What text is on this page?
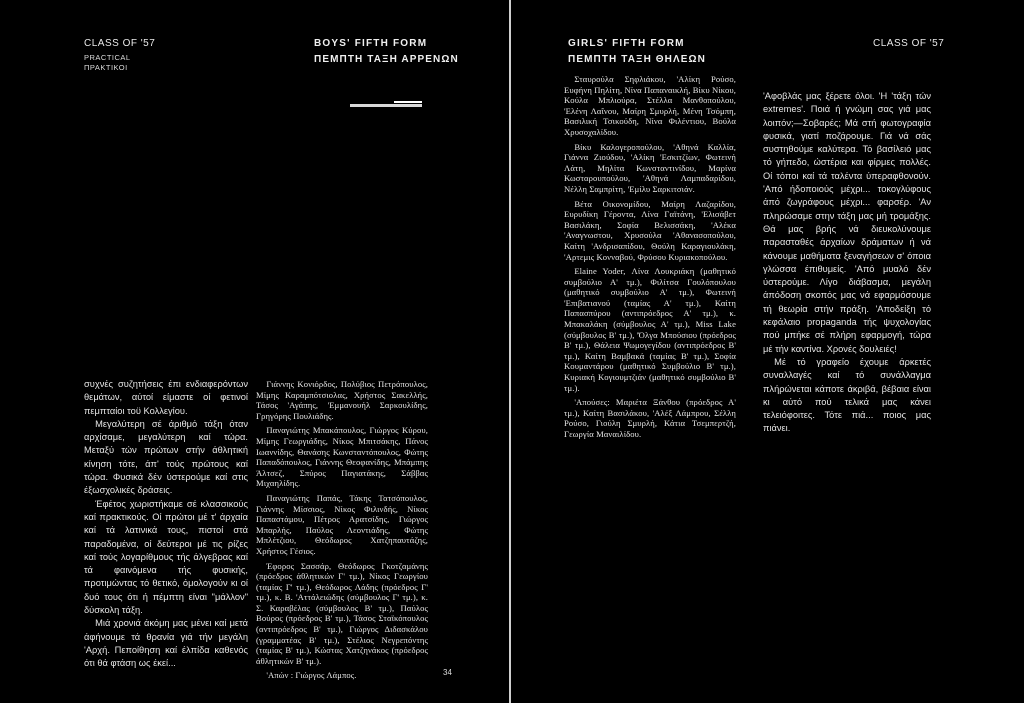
CLASS OF '57
PRACTICAL
ΠΡΑΚΤΙΚΟΙ
BOYS' FIFTH FORM
ΠΕΜΠΤΗ ΤΑΞΗ ΑΡΡΕΝΩΝ

συχνές συζητήσεις έπι ενδιαφερόντων θεμάτων, αύτοί είμαστε οί φετινοί πεμπταίοι τοϋ Κολλεγίου.

Μεγαλύτερη σέ άριθμό τάξη όταν αρχίσαμε, μεγαλύτερη καί τώρα. Μεταξύ τών πρώτων στήν άθλητική κίνηση τότε, άπ' τούς πρώτους καί τώρα. Φυσικά δέν ύστερούμε καί στις έξωσχολικές δράσεις.

Έφέτος χωριστήκαμε σέ κλασσικούς καί πρακτικούς. Οί πρώτοι μέ τ' άρχαία καί τά λατινικά τους, πιστοί στά παραδομένα, οί δεύτεροι μέ τις ρίζες καί τούς λογαρίθμους τής άλγεβρας καί τά φαινόμενα τής φυσικής, προτιμώντας τό θετικό, όμολογούν κι οί δυό τους ότι ή πέμπτη είναι "μάλλον" δύσκολη τάξη.

Μιά χρονιά άκόμη μας μένει καί μετά άφήνουμε τά θρανία γιά τήν μεγάλη 'Αρχή. Πεποίθηση καί έλπίδα καθενός ότι θά φτάση ως έκεί...

Γιάννης Κονιόρδος, Πολύβιος Πετρόπουλος, Μίμης Καραμπότσιολας, Χρήστος Σακελλής, Τάσος 'Αγάπης, 'Εμμανουήλ Σαρκουλίδης, Γρηγόρης Πουλιάδης.

Παναγιώτης Μπακάπουλος, Γιώργος Κύρου, Μίμης Γεωργιάδης, Νίκος Μπιτσάκης, Πάνος Ιωαννίδης, Θανάσης Κωνσταντόπουλος, Φώτης Παπαδόπουλος, Γιάννης Θεοφανίδης, Μπάμπης Άλτσεζ, Σπύρος Παγιατάκης, Σάββας Μιχαηλίδης.

Παναγιώτης Παπάς, Τάκης Τατσόπουλος, Γιάννης Μίσσιος, Νίκος Φιλινδής, Νίκος Παπαστάμου, Πέτρος Αρατσίδης, Γιώργος Μπαρλής, Παύλος Λεοντιάδης, Φώτης Μπλέτζιου, Θεόδωρος Χατζηπαυτάζης, Χρήστος Γέσιος.

Έφορος Σασσάρ, Θεόδωρος Γκοτζαμάνης (πρόεδρος άθλητικών Γ' τμ.), Νίκος Γεωργίου (ταμίας Γ' τμ.), Θεόδωρος Λάδης (πρόεδρος Γ' τμ.), κ. Β. 'Αττάλειώδης (σύμβουλος Γ' τμ.), κ. Σ. Καραβέλας (σύμβουλος Β' τμ.), Παύλος Βούρος (πρόεδρος Β' τμ.), Τάσος Σταϊκόπουλος (αντιπρόεδρος Β' τμ.), Γιώργος Διδασκάλου (γραμματέας Β' τμ.), Στέλιος Νεγρεπόντης (ταμίας Β' τμ.), Κώστας Χατζηνάκος (πρόεδρος άθλητικών Β' τμ.).

'Απών : Γιώργος Λάμπος.	34
GIRLS' FIFTH FORM
ΠΕΜΠΤΗ ΤΑΞΗ ΘΗΛΕΩΝ
CLASS OF '57

Σταυρούλα Σηφλιάκου, 'Αλίκη Ρούσο, Ευφήνη Πηλίτη, Νίνα Παπαναικλή, Βίκυ Νίκου, Κούλα Μπλιούρα, Στέλλα Μανθοπούλου, 'Ελένη Λαΐνου, Μαίρη Σμυρλή, Μένη Τσόμπη, Βασιλική Τσικούδη, Νίνα Φιλέντιου, Βούλα Χρυσοχαλίδου.

Βίκυ Καλογεροπούλου, 'Αθηνά Καλλία, Γιάννα Ζιούδου, 'Αλίκη 'Εσκιτζίων, Φωτεινή Λάτη, Μηλίτα Κωνσταντινίδου, Μαρίνα Κωσταρουπούλου, 'Αθηνά Λαμπαδαρίδου, Νέλλη Σαμπρίτη, 'Εμίλυ Σαρκιτσιάν.

Βέτα Οικονομίδου, Μαίρη Λαζαρίδου, Ευρυδίκη Γέροντα, Λίνα Γαϊτάνη, 'Ελισάβετ Βασιλάκη, Σοφία Βελισσάκη, 'Αλέκα 'Αναγνωστου, Χρυσούλα 'Αθανασοπούλου, Καίτη 'Ανδρισαπίδου, Θούλη Καραγιουλάκη, 'Αρτεμις Κονναβού, Φρύσου Κυριακοπούλου.

Elaine Yoder, Λίνα Λουκριάκη (μαθητικό συμβούλιο Α' τμ.), Φιλίτσα Γουλόπουλου (μαθητικό συμβούλιο Α' τμ.), Φωτεινή 'Επιβατιανού (ταμίας Α' τμ.), Καίτη Παπασπύρου (αντιπρόεδρος Α' τμ.), κ. Μπακαλάκη (σύμβουλος Α' τμ.), Miss Lake (σύμβουλος Β' τμ.), 'Όλγα Μπούσιου (πρόεδρος Β' τμ.), Θάλεια Ψωμογεγίδου (αντιπρόεδρος Β' τμ.), Καίτη Βαμβακά (ταμίας Β' τμ.), Σοφία Κουμαντάρου (μαθητικό Συμβούλιο Β' τμ.), Κυριακή Κογιουμτζιάν (μαθητικό συμβούλιο Β' τμ.).

'Απούσες: Μαριέτα Ξάνθου (πρόεδρος Α' τμ.), Καίτη Βασιλάκου, 'Αλέξ Λάμπρου, Σέλλη Ρούσο, Γιούλη Σμυρλή, Κάτια Τσεμπερτζή, Γεωργία Μαναιλίδου.

'Αφοβλάς μας ξέρετε όλοι. 'Η 'τάξη τών extremes'. Ποιά ή γνώμη σας γιά μας λοιπόν;—Σοβαρές; Μά στή φωτογραφία φυσικά, γιατί ποζάρουμε. Γιά νά σάς συστηθούμε καλύτερα. Τό βασίλειό μας τό γήπεδο, ώστέρια και φίρμες πολλές. Οί τόποι καί τά ταλέντα ύπεραφθονούν. 'Από ήδοποιούς μέχρι... τοκογλύφους άπό ζωγράφους μέχρι... φαρσέρ. 'Αν πληρώσαμε στην τάξη μας μή τρομάξης. Θά μας βρής νά διευκολύνουμε παρασταθές άρχαίων δράματων ή νά κάνουμε μαθήματα ξεναγήσεων σ' όποια γλώσσα έπιθυμείς. 'Από μυαλό δέν ύστερούμε. Λίγο διάβασμα, μεγάλη άπόδοση σκοπός μας νά εφαρμόσουμε τή θεωρία στήν πράξη. 'Αποδείξη τό κεφάλαιο propaganda τής ψυχολογίας πού μπήκε σέ πλήρη εφαρμογή, τώρα μέ τήν καντίνα. Χρονές δουλειές!

Μέ τό γραφείο έχουμε άρκετές συναλλαγές καί τό συνάλλαγμα πλήρώνεται κάποτε άκριβά, βέβαια είναι κι αύτό πού τελικά μας κάνει τελειόφοιτες. Τότε πιά... ποιος μας πιάνει.
